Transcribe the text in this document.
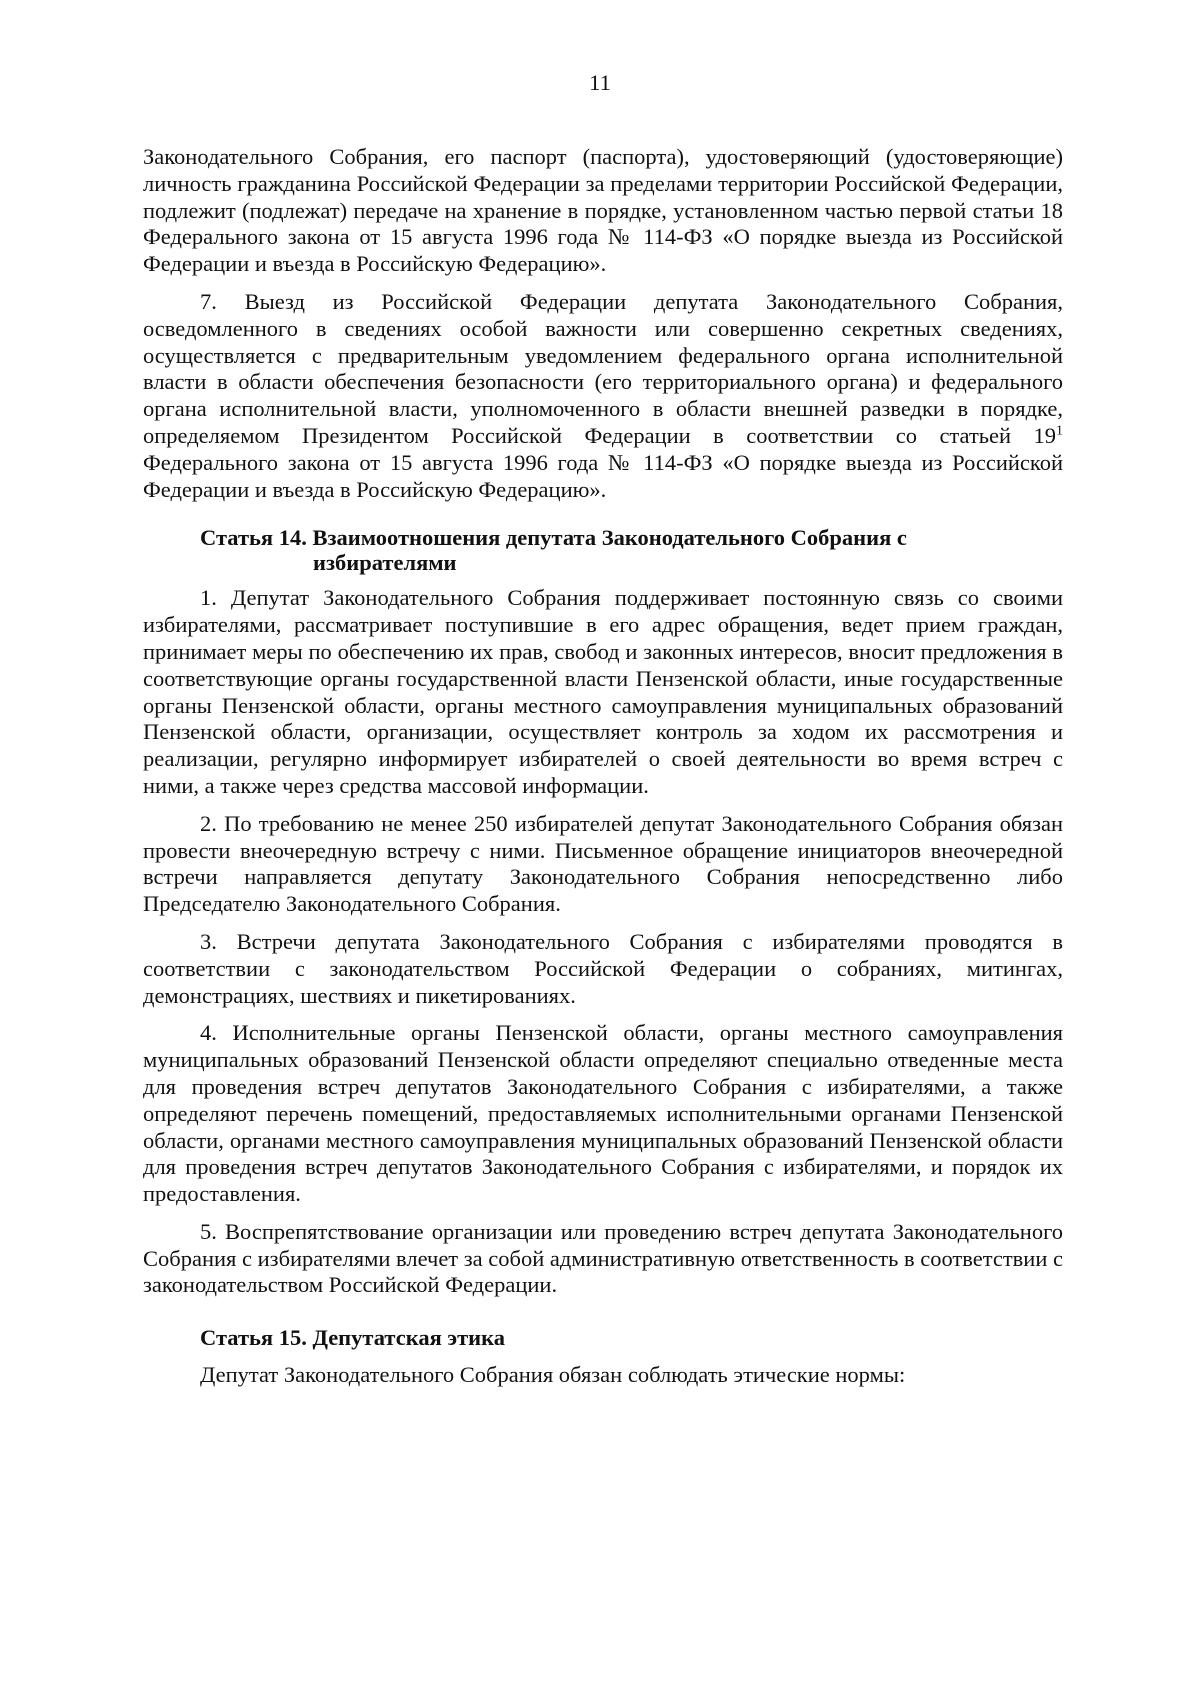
11

Законодательного Собрания, его паспорт (паспорта), удостоверяющий (удостоверяющие) личность гражданина Российской Федерации за пределами территории Российской Федерации, подлежит (подлежат) передаче на хранение в порядке, установленном частью первой статьи 18 Федерального закона от 15 августа 1996 года № 114-ФЗ «О порядке выезда из Российской Федерации и въезда в Российскую Федерацию».

7. Выезд из Российской Федерации депутата Законодательного Собрания, осведомленного в сведениях особой важности или совершенно секретных сведениях, осуществляется с предварительным уведомлением федерального органа исполнительной власти в области обеспечения безопасности (его территориального органа) и федерального органа исполнительной власти, уполномоченного в области внешней разведки в порядке, определяемом Президентом Российской Федерации в соответствии со статьей $19^1$ Федерального закона от 15 августа 1996 года № 114-ФЗ «О порядке выезда из Российской Федерации и въезда в Российскую Федерацию».

Статья 14. Взаимоотношения депутата Законодательного Собрания с
избирателями

1. Депутат Законодательного Собрания поддерживает постоянную связь со своими избирателями, рассматривает поступившие в его адрес обращения, ведет прием граждан, принимает меры по обеспечению их прав, свобод и законных интересов, вносит предложения в соответствующие органы государственной власти Пензенской области, иные государственные органы Пензенской области, органы местного самоуправления муниципальных образований Пензенской области, организации, осуществляет контроль за ходом их рассмотрения и реализации, регулярно информирует избирателей о своей деятельности во время встреч с ними, а также через средства массовой информации.

2. По требованию не менее 250 избирателей депутат Законодательного Собрания обязан провести внеочередную встречу с ними. Письменное обращение инициаторов внеочередной встречи направляется депутату Законодательного Собрания непосредственно либо Председателю Законодательного Собрания.

3. Встречи депутата Законодательного Собрания с избирателями проводятся в соответствии с законодательством Российской Федерации о собраниях, митингах, демонстрациях, шествиях и пикетированиях.

4. Исполнительные органы Пензенской области, органы местного самоуправления муниципальных образований Пензенской области определяют специально отведенные места для проведения встреч депутатов Законодательного Собрания с избирателями, а также определяют перечень помещений, предоставляемых исполнительными органами Пензенской области, органами местного самоуправления муниципальных образований Пензенской области для проведения встреч депутатов Законодательного Собрания с избирателями, и порядок их предоставления.

5. Воспрепятствование организации или проведению встреч депутата Законодательного Собрания с избирателями влечет за собой административную ответственность в соответствии с законодательством Российской Федерации.

Статья 15. Депутатская этика

Депутат Законодательного Собрания обязан соблюдать этические нормы:
